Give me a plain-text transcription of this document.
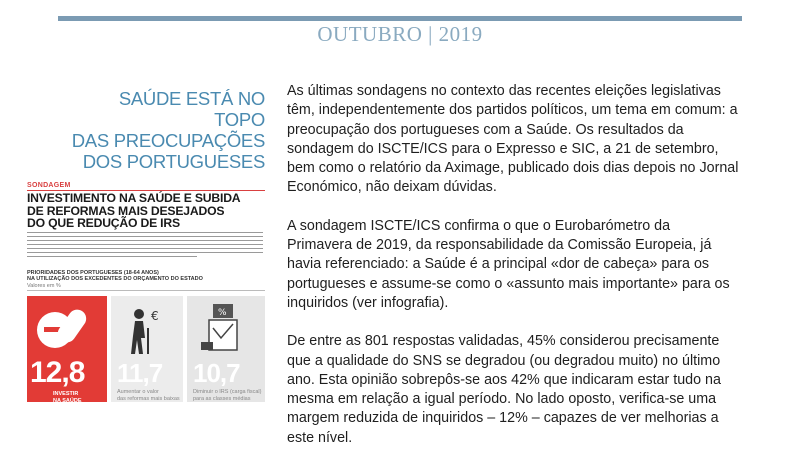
OUTUBRO | 2019
SAÚDE ESTÁ NO TOPO
DAS PREOCUPAÇÕES
DOS PORTUGUESES
SONDAGEM
INVESTIMENTO NA SAÚDE E SUBIDA
DE REFORMAS MAIS DESEJADOS
DO QUE REDUÇÃO DE IRS
PRIORIDADES DOS PORTUGUESES (18-64 ANOS)
NA UTILIZAÇÃO DOS EXCEDENTES DO ORÇAMENTO DO ESTADO
Valores em %
12,8
INVESTIR
NA SAÚDE
€
11,7
Aumentar o valor
das reformas mais baixas
%
10,7
Diminuir o IRS (carga fiscal)
para as classes médias

As últimas sondagens no contexto das recentes eleições legislativas têm, independentemente dos partidos políticos, um tema em comum: a preocupação dos portugueses com a Saúde. Os resultados da sondagem do ISCTE/ICS para o Expresso e SIC, a 21 de setembro, bem como o relatório da Aximage, publicado dois dias depois no Jornal Económico, não deixam dúvidas.

A sondagem ISCTE/ICS confirma o que o Eurobarómetro da Primavera de 2019, da responsabilidade da Comissão Europeia, já havia referenciado: a Saúde é a principal «dor de cabeça» para os portugueses e assume-se como o «assunto mais importante» para os inquiridos (ver infografia).

De entre as 801 respostas validadas, 45% considerou precisamente que a qualidade do SNS se degradou (ou degradou muito) no último ano. Esta opinião sobrepôs-se aos 42% que indicaram estar tudo na mesma em relação a igual período. No lado oposto, verifica-se uma margem reduzida de inquiridos – 12% – capazes de ver melhorias a este nível.
